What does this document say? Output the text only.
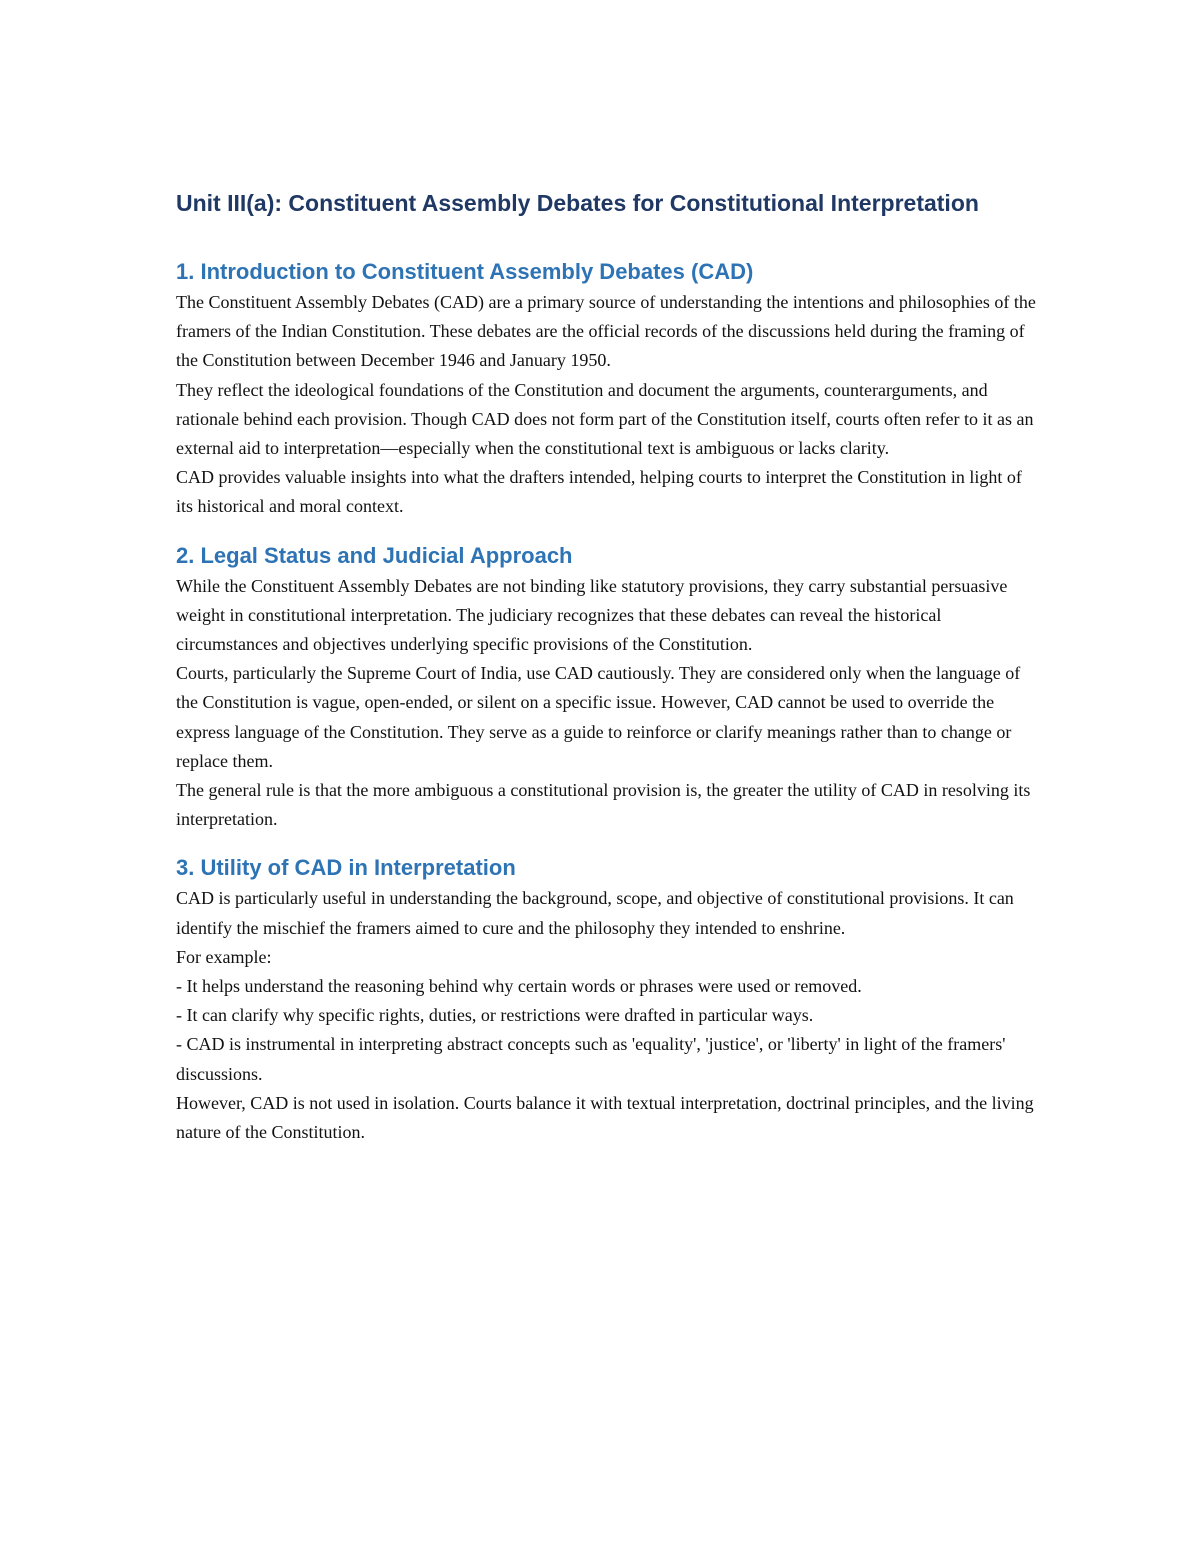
Unit III(a): Constituent Assembly Debates for Constitutional Interpretation
1. Introduction to Constituent Assembly Debates (CAD)

The Constituent Assembly Debates (CAD) are a primary source of understanding the intentions and philosophies of the framers of the Indian Constitution. These debates are the official records of the discussions held during the framing of the Constitution between December 1946 and January 1950.

They reflect the ideological foundations of the Constitution and document the arguments, counterarguments, and rationale behind each provision. Though CAD does not form part of the Constitution itself, courts often refer to it as an external aid to interpretation—especially when the constitutional text is ambiguous or lacks clarity.

CAD provides valuable insights into what the drafters intended, helping courts to interpret the Constitution in light of its historical and moral context.

2. Legal Status and Judicial Approach

While the Constituent Assembly Debates are not binding like statutory provisions, they carry substantial persuasive weight in constitutional interpretation. The judiciary recognizes that these debates can reveal the historical circumstances and objectives underlying specific provisions of the Constitution.

Courts, particularly the Supreme Court of India, use CAD cautiously. They are considered only when the language of the Constitution is vague, open-ended, or silent on a specific issue. However, CAD cannot be used to override the express language of the Constitution. They serve as a guide to reinforce or clarify meanings rather than to change or replace them.

The general rule is that the more ambiguous a constitutional provision is, the greater the utility of CAD in resolving its interpretation.

3. Utility of CAD in Interpretation

CAD is particularly useful in understanding the background, scope, and objective of constitutional provisions. It can identify the mischief the framers aimed to cure and the philosophy they intended to enshrine.

For example:

- It helps understand the reasoning behind why certain words or phrases were used or removed.

- It can clarify why specific rights, duties, or restrictions were drafted in particular ways.

- CAD is instrumental in interpreting abstract concepts such as 'equality', 'justice', or 'liberty' in light of the framers' discussions.

However, CAD is not used in isolation. Courts balance it with textual interpretation, doctrinal principles, and the living nature of the Constitution.
